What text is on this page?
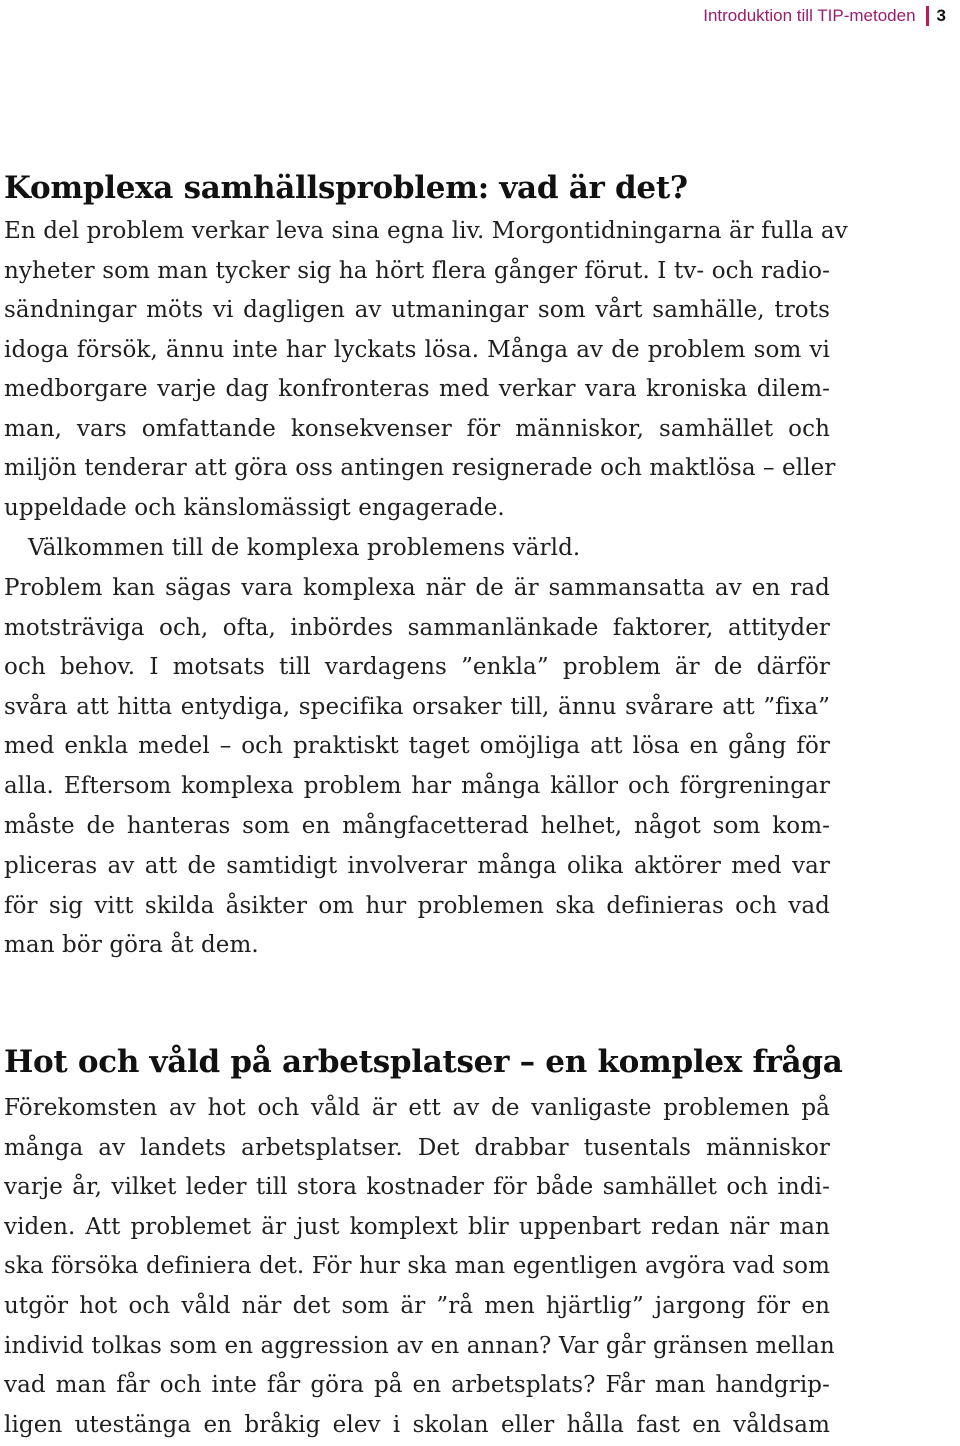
Introduktion till TIP-metoden 3
Komplexa samhällsproblem: vad är det?
En del problem verkar leva sina egna liv. Morgontidningarna är fulla av
nyheter som man tycker sig ha hört flera gånger förut. I tv- och radio-
sändningar möts vi dagligen av utmaningar som vårt samhälle, trots
idoga försök, ännu inte har lyckats lösa. Många av de problem som vi
medborgare varje dag konfronteras med verkar vara kroniska dilem-
man, vars omfattande konsekvenser för människor, samhället och
miljön tenderar att göra oss antingen resignerade och maktlösa – eller
uppeldade och känslomässigt engagerade.
Välkommen till de komplexa problemens värld.
Problem kan sägas vara komplexa när de är sammansatta av en rad
motsträviga och, ofta, inbördes sammanlänkade faktorer, attityder
och behov. I motsats till vardagens ”enkla” problem är de därför
svåra att hitta entydiga, specifika orsaker till, ännu svårare att ”fixa”
med enkla medel – och praktiskt taget omöjliga att lösa en gång för
alla. Eftersom komplexa problem har många källor och förgreningar
måste de hanteras som en mångfacetterad helhet, något som kom-
pliceras av att de samtidigt involverar många olika aktörer med var
för sig vitt skilda åsikter om hur problemen ska definieras och vad
man bör göra åt dem.
Hot och våld på arbetsplatser – en komplex fråga
Förekomsten av hot och våld är ett av de vanligaste problemen på
många av landets arbetsplatser. Det drabbar tusentals människor
varje år, vilket leder till stora kostnader för både samhället och indi-
viden. Att problemet är just komplext blir uppenbart redan när man
ska försöka definiera det. För hur ska man egentligen avgöra vad som
utgör hot och våld när det som är ”rå men hjärtlig” jargong för en
individ tolkas som en aggression av en annan? Var går gränsen mellan
vad man får och inte får göra på en arbetsplats? Får man handgrip-
ligen utestänga en bråkig elev i skolan eller hålla fast en våldsam
